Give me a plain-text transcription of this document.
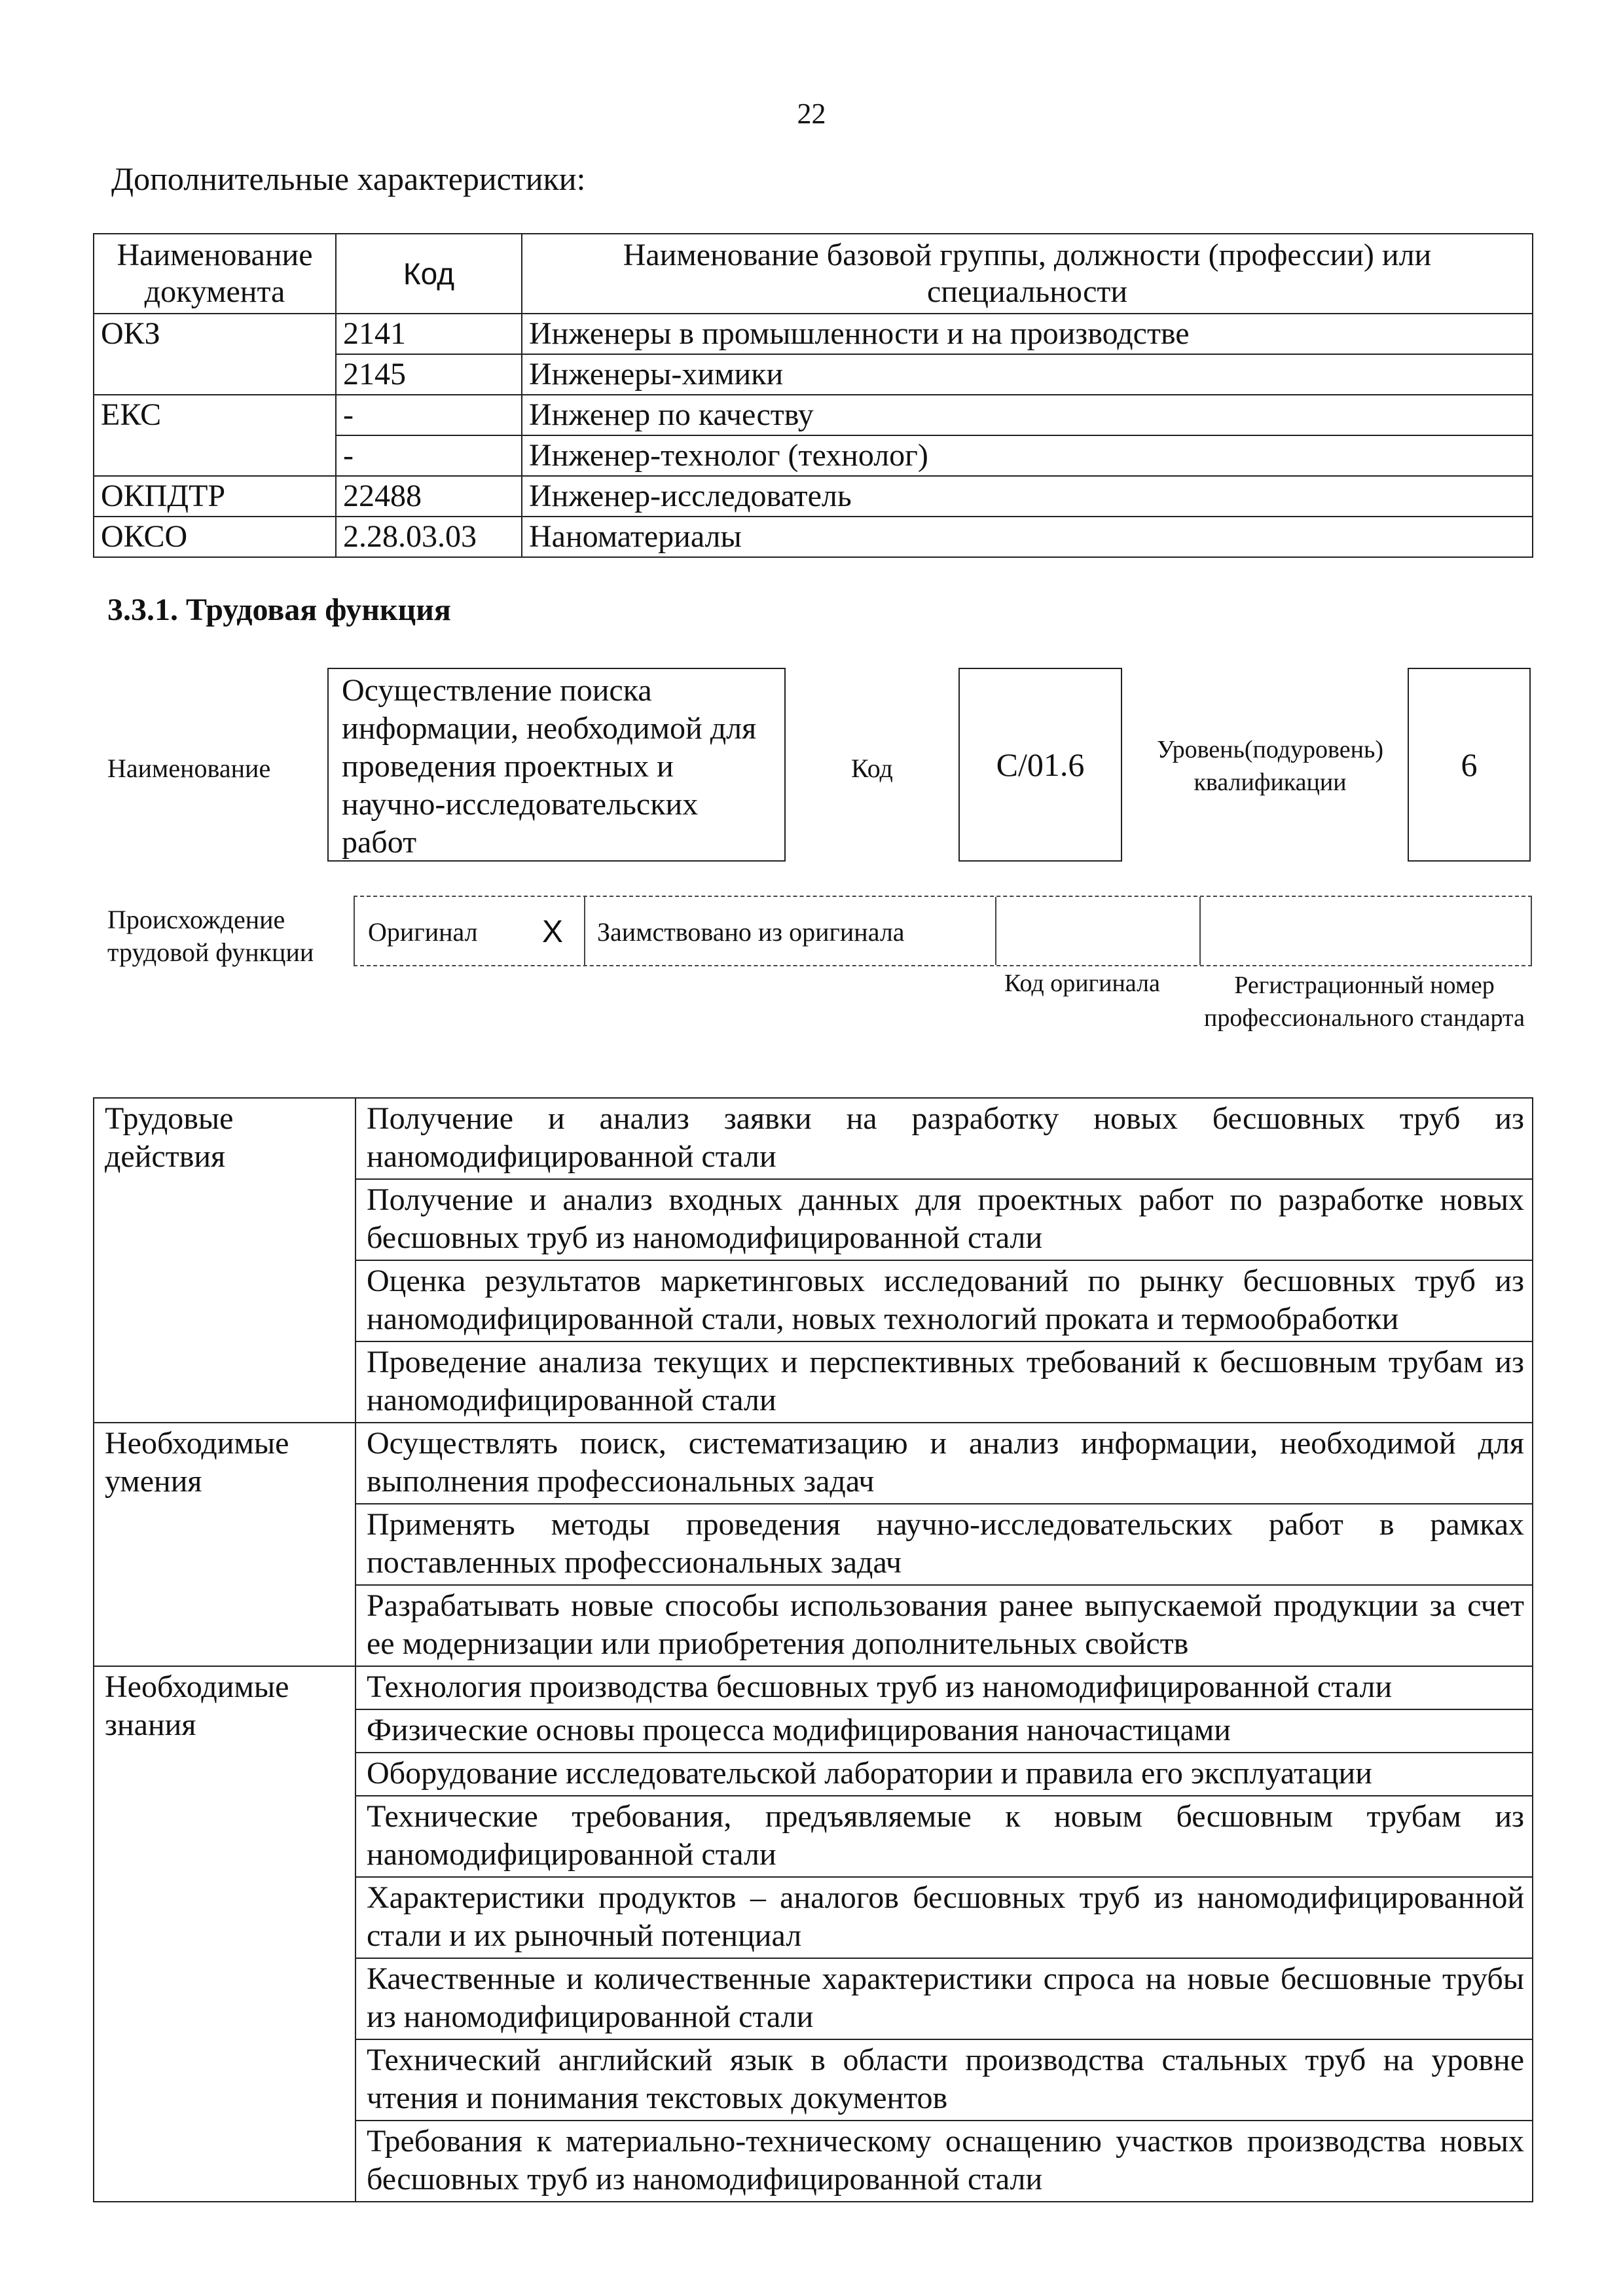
22
Дополнительные характеристики:
Наименование документа	Код	Наименование базовой группы, должности (профессии) или специальности
ОКЗ	2141	Инженеры в промышленности и на производстве
	2145	Инженеры-химики
ЕКС	-	Инженер по качеству
	-	Инженер-технолог (технолог)
ОКПДТР	22488	Инженер-исследователь
ОКСО	2.28.03.03	Наноматериалы
3.3.1. Трудовая функция
Наименование
Осуществление поиска информации, необходимой для проведения проектных и научно-исследовательских работ
Код	C/01.6	Уровень(подуровень) квалификации	6
Происхождение трудовой функции
Оригинал X Заимствовано из оригинала
Код оригинала	Регистрационный номер профессионального стандарта
Трудовые действия	Получение и анализ заявки на разработку новых бесшовных труб из наномодифицированной стали
	Получение и анализ входных данных для проектных работ по разработке новых бесшовных труб из наномодифицированной стали
	Оценка результатов маркетинговых исследований по рынку бесшовных труб из наномодифицированной стали, новых технологий проката и термообработки
	Проведение анализа текущих и перспективных требований к бесшовным трубам из наномодифицированной стали
Необходимые умения	Осуществлять поиск, систематизацию и анализ информации, необходимой для выполнения профессиональных задач
	Применять методы проведения научно-исследовательских работ в рамках поставленных профессиональных задач
	Разрабатывать новые способы использования ранее выпускаемой продукции за счет ее модернизации или приобретения дополнительных свойств
Необходимые знания	Технология производства бесшовных труб из наномодифицированной стали
	Физические основы процесса модифицирования наночастицами
	Оборудование исследовательской лаборатории и правила его эксплуатации
	Технические требования, предъявляемые к новым бесшовным трубам из наномодифицированной стали
	Характеристики продуктов – аналогов бесшовных труб из наномодифицированной стали и их рыночный потенциал
	Качественные и количественные характеристики спроса на новые бесшовные трубы из наномодифицированной стали
	Технический английский язык в области производства стальных труб на уровне чтения и понимания текстовых документов
	Требования к материально-техническому оснащению участков производства новых бесшовных труб из наномодифицированной стали
